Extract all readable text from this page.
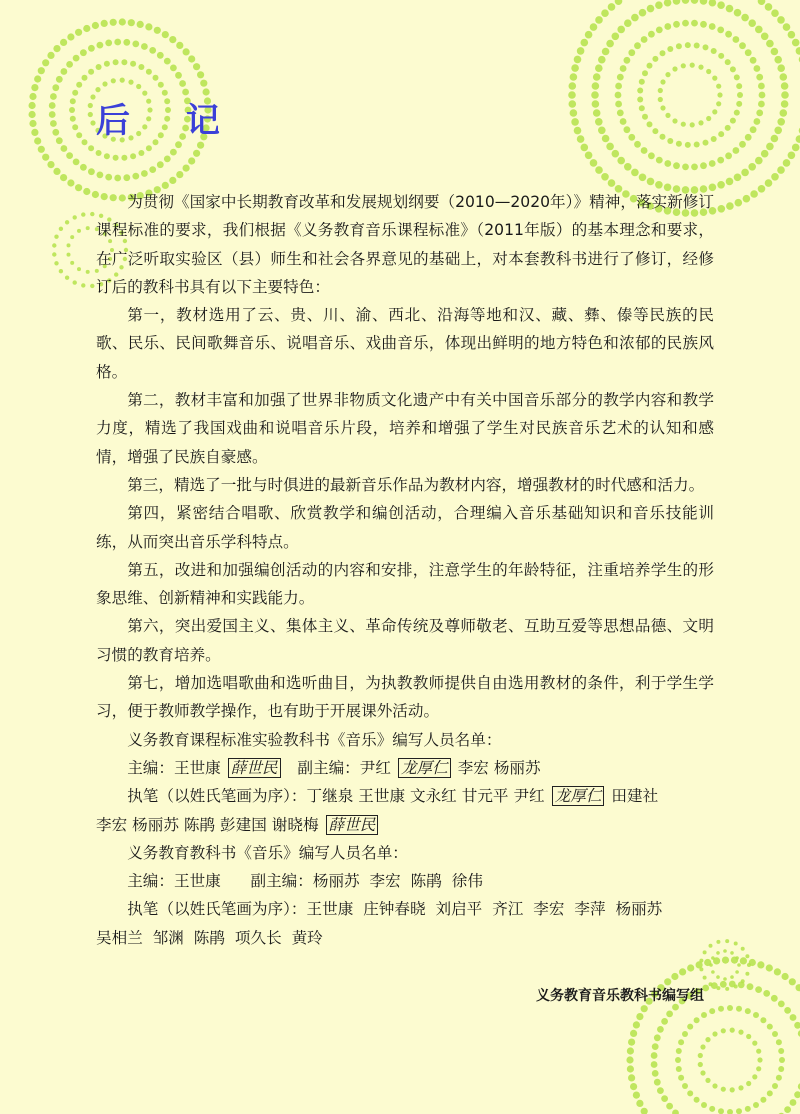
后 记

为贯彻《国家中长期教育改革和发展规划纲要（2010—2020年）》精神，落实新修订课程标准的要求，我们根据《义务教育音乐课程标准》（2011年版）的基本理念和要求，在广泛听取实验区（县）师生和社会各界意见的基础上，对本套教科书进行了修订，经修订后的教科书具有以下主要特色：

第一，教材选用了云、贵、川、渝、西北、沿海等地和汉、藏、彝、傣等民族的民歌、民乐、民间歌舞音乐、说唱音乐、戏曲音乐，体现出鲜明的地方特色和浓郁的民族风格。

第二，教材丰富和加强了世界非物质文化遗产中有关中国音乐部分的教学内容和教学力度，精选了我国戏曲和说唱音乐片段，培养和增强了学生对民族音乐艺术的认知和感情，增强了民族自豪感。

第三，精选了一批与时俱进的最新音乐作品为教材内容，增强教材的时代感和活力。

第四，紧密结合唱歌、欣赏教学和编创活动，合理编入音乐基础知识和音乐技能训练，从而突出音乐学科特点。

第五，改进和加强编创活动的内容和安排，注意学生的年龄特征，注重培养学生的形象思维、创新精神和实践能力。

第六，突出爱国主义、集体主义、革命传统及尊师敬老、互助互爱等思想品德、文明习惯的教育培养。

第七，增加选唱歌曲和选听曲目，为执教教师提供自由选用教材的条件，利于学生学习，便于教师教学操作，也有助于开展课外活动。

义务教育课程标准实验教科书《音乐》编写人员名单：

主编：王世康 薛世民 副主编：尹红 龙厚仁 李宏 杨丽苏
执笔（以姓氏笔画为序）：丁继泉 王世康 文永红 甘元平 尹红 龙厚仁 田建社
李宏 杨丽苏 陈鹃 彭建国 谢晓梅 薛世民

义务教育教科书《音乐》编写人员名单：

主编：王世康      副主编：杨丽苏  李宏  陈鹃  徐伟
执笔（以姓氏笔画为序）：王世康  庄钟春晓  刘启平  齐江  李宏  李萍  杨丽苏
吴相兰  邹渊  陈鹃  项久长  黄玲
义务教育音乐教科书编写组
